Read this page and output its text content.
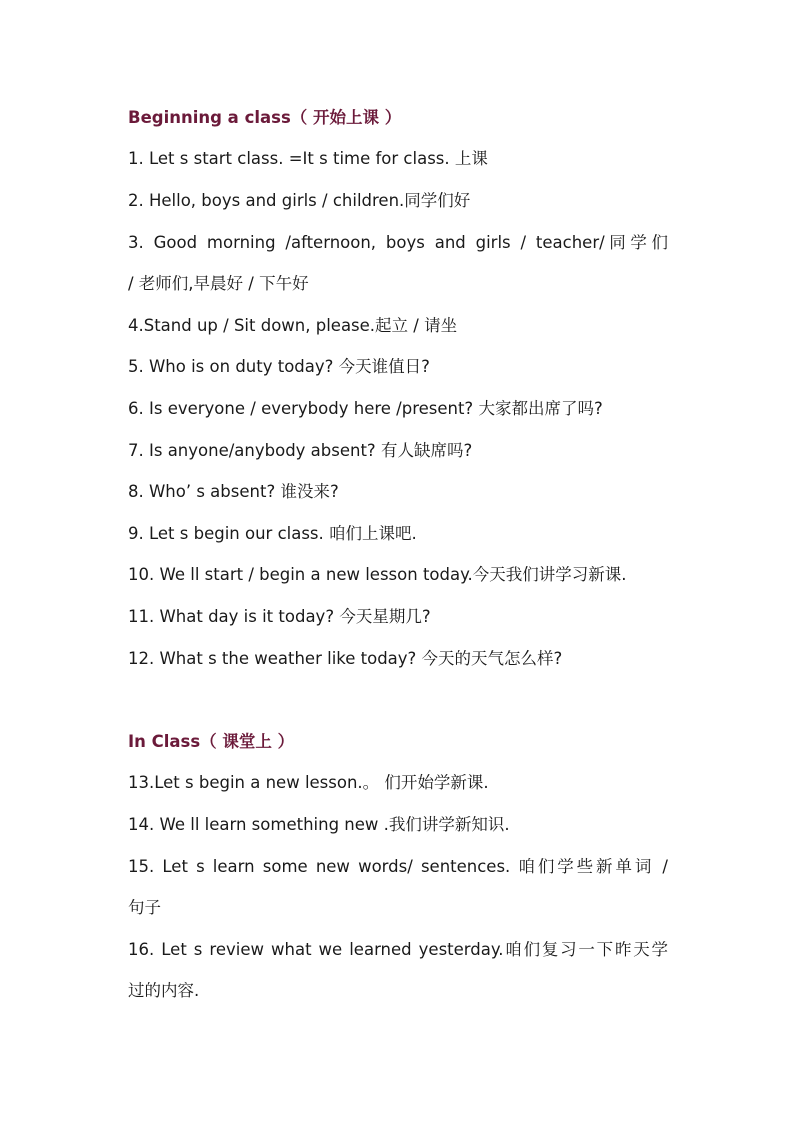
Beginning a class（ 开始上课 ）
1. Let s start class. =It s time for class. 上课
2. Hello, boys and girls / children.同学们好
3. Good morning /afternoon, boys and girls / teacher/同学们
/ 老师们,早晨好 / 下午好
4.Stand up / Sit down, please.起立 / 请坐
5. Who is on duty today? 今天谁值日?
6. Is everyone / everybody here /present? 大家都出席了吗?
7. Is anyone/anybody absent? 有人缺席吗?
8. Who’ s absent? 谁没来?
9. Let s begin our class. 咱们上课吧.
10. We ll start / begin a new lesson today.今天我们讲学习新课.
11. What day is it today? 今天星期几?
12. What s the weather like today? 今天的天气怎么样?
In Class（ 课堂上 ）
13.Let s begin a new lesson.。 们开始学新课.
14. We ll learn something new .我们讲学新知识.
15. Let s learn some new words/ sentences. 咱们学些新单词 /
句子
16. Let s review what we learned yesterday.咱们复习一下昨天学
过的内容.
